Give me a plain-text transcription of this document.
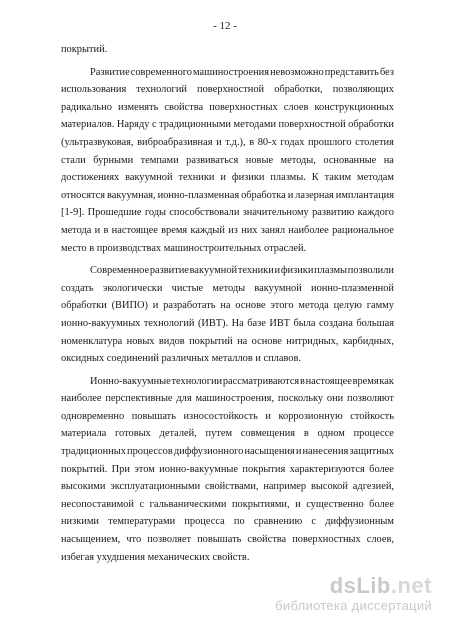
- 12 -
покрытий.
Развитие современного машиностроения невозможно представить без
использования технологий поверхностной обработки, позволяющих
радикально изменять свойства поверхностных слоев конструкционных
материалов. Наряду с традиционными методами поверхностной обработки
(ультразвуковая, виброабразивная и т.д.), в 80-х годах прошлого столетия
стали бурными темпами развиваться новые методы, основанные на
достижениях вакуумной техники и физики плазмы. К таким методам
относятся вакуумная, ионно-плазменная обработка и лазерная имплантация
[1-9]. Прошедшие годы способствовали значительному развитию каждого
метода и в настоящее время каждый из них занял наиболее рациональное
место в производствах машиностроительных отраслей.
Современное развитие вакуумной техники и физики плазмы позволили
создать экологически чистые методы вакуумной ионно-плазменной
обработки (ВИПО) и разработать на основе этого метода целую гамму
ионно-вакуумных технологий (ИВТ). На базе ИВТ была создана большая
номенклатура новых видов покрытий на основе нитридных, карбидных,
оксидных соединений различных металлов и сплавов.
Ионно-вакуумные технологии рассматриваются в настоящее время как
наиболее перспективные для машиностроения, поскольку они позволяют
одновременно повышать износостойкость и коррозионную стойкость
материала готовых деталей, путем совмещения в одном процессе
традиционных процессов диффузионного насыщения и нанесения защитных
покрытий. При этом ионно-вакуумные покрытия характеризуются более
высокими эксплуатационными свойствами, например высокой адгезией,
несопоставимой с гальваническими покрытиями, и существенно более
низкими температурами процесса по сравнению с диффузионным
насыщением, что позволяет повышать свойства поверхностных слоев,
избегая ухудшения механических свойств.
dsLib.net
библиотека диссертаций
